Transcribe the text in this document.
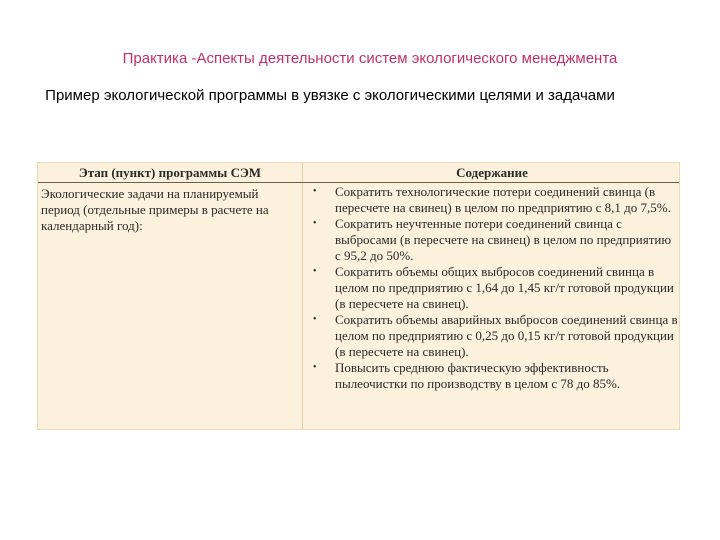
Практика -Аспекты деятельности систем экологического менеджмента
Пример экологической программы в увязке с экологическими целями и задачами
Этап (пункт) программы СЭМ	Содержание
Экологические задачи на планируемый период (отдельные примеры в расчете на календарный год):
• Сократить технологические потери соединений свинца (в пересчете на свинец) в целом по предприятию с 8,1 до 7,5%.
• Сократить неучтенные потери соединений свинца с выбросами (в пересчете на свинец) в целом по предприятию с 95,2 до 50%.
• Сократить объемы общих выбросов соединений свинца в целом по предприятию с 1,64 до 1,45 кг/т готовой продукции (в пересчете на свинец).
• Сократить объемы аварийных выбросов соединений свинца в целом по предприятию с 0,25 до 0,15 кг/т готовой продукции (в пересчете на свинец).
• Повысить среднюю фактическую эффективность пылеочистки по производству в целом с 78 до 85%.
